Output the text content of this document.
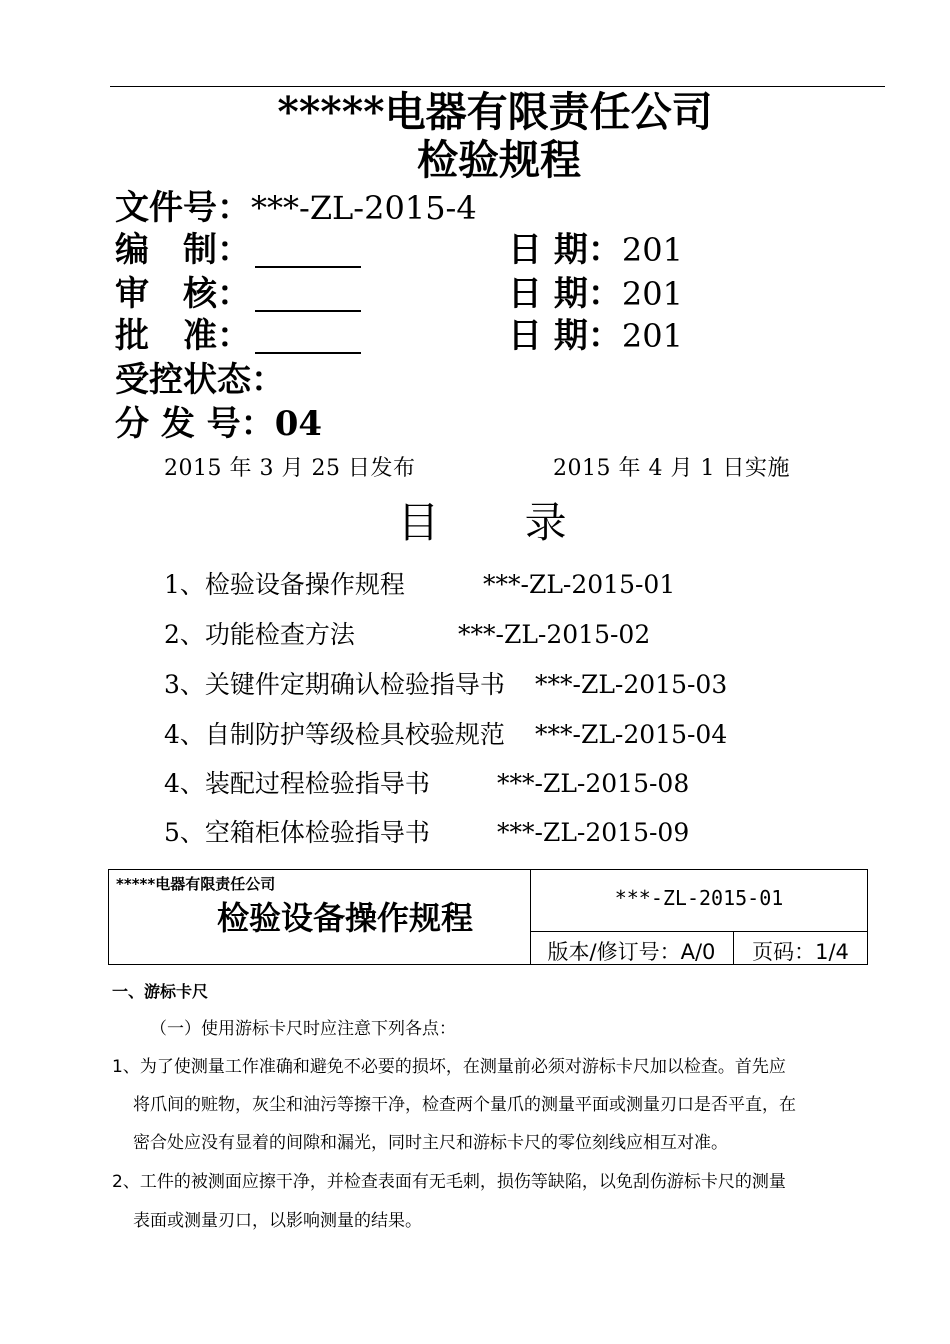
*****电器有限责任公司
检验规程
文件号：***-ZL-2015-4
编　制：	日 期：201
审　核：	日 期：201
批　准：	日 期：201
受控状态：
分 发 号：04
2015 年 3 月 25 日发布	2015 年 4 月 1 日实施
目 录
1、检验设备操作规程	***-ZL-2015-01
2、功能检查方法	***-ZL-2015-02
3、关键件定期确认检验指导书 ***-ZL-2015-03
4、自制防护等级检具校验规范 ***-ZL-2015-04
4、装配过程检验指导书	***-ZL-2015-08
5、空箱柜体检验指导书	***-ZL-2015-09
*****电器有限责任公司
检验设备操作规程
***-ZL-2015-01
版本/修订号：A/0	页码：1/4
一、游标卡尺
（一）使用游标卡尺时应注意下列各点：
1、为了使测量工作准确和避免不必要的损坏，在测量前必须对游标卡尺加以检查。首先应
将爪间的赃物，灰尘和油污等擦干净，检查两个量爪的测量平面或测量刃口是否平直，在
密合处应没有显着的间隙和漏光，同时主尺和游标卡尺的零位刻线应相互对准。
2、工件的被测面应擦干净，并检查表面有无毛刺，损伤等缺陷，以免刮伤游标卡尺的测量
表面或测量刃口，以影响测量的结果。
